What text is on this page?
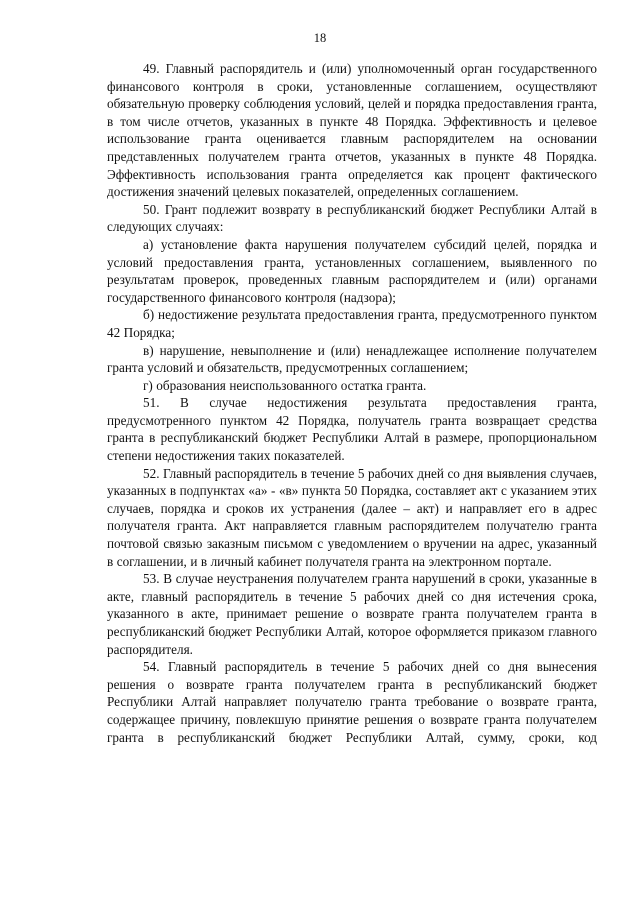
18

49. Главный распорядитель и (или) уполномоченный орган государственного финансового контроля в сроки, установленные соглашением, осуществляют обязательную проверку соблюдения условий, целей и порядка предоставления гранта, в том числе отчетов, указанных в пункте 48 Порядка. Эффективность и целевое использование гранта оценивается главным распорядителем на основании представленных получателем гранта отчетов, указанных в пункте 48 Порядка. Эффективность использования гранта определяется как процент фактического достижения значений целевых показателей, определенных соглашением.

50. Грант подлежит возврату в республиканский бюджет Республики Алтай в следующих случаях:

а) установление факта нарушения получателем субсидий целей, порядка и условий предоставления гранта, установленных соглашением, выявленного по результатам проверок, проведенных главным распорядителем и (или) органами государственного финансового контроля (надзора);

б) недостижение результата предоставления гранта, предусмотренного пунктом 42 Порядка;

в) нарушение, невыполнение и (или) ненадлежащее исполнение получателем гранта условий и обязательств, предусмотренных соглашением;

г) образования неиспользованного остатка гранта.

51. В случае недостижения результата предоставления гранта, предусмотренного пунктом 42 Порядка, получатель гранта возвращает средства гранта в республиканский бюджет Республики Алтай в размере, пропорциональном степени недостижения таких показателей.

52. Главный распорядитель в течение 5 рабочих дней со дня выявления случаев, указанных в подпунктах «а» - «в» пункта 50 Порядка, составляет акт с указанием этих случаев, порядка и сроков их устранения (далее – акт) и направляет его в адрес получателя гранта. Акт направляется главным распорядителем получателю гранта почтовой связью заказным письмом с уведомлением о вручении на адрес, указанный в соглашении, и в личный кабинет получателя гранта на электронном портале.

53. В случае неустранения получателем гранта нарушений в сроки, указанные в акте, главный распорядитель в течение 5 рабочих дней со дня истечения срока, указанного в акте, принимает решение о возврате гранта получателем гранта в республиканский бюджет Республики Алтай, которое оформляется приказом главного распорядителя.

54. Главный распорядитель в течение 5 рабочих дней со дня вынесения решения о возврате гранта получателем гранта в республиканский бюджет Республики Алтай направляет получателю гранта требование о возврате гранта, содержащее причину, повлекшую принятие решения о возврате гранта получателем гранта в республиканский бюджет Республики Алтай, сумму, сроки, код
